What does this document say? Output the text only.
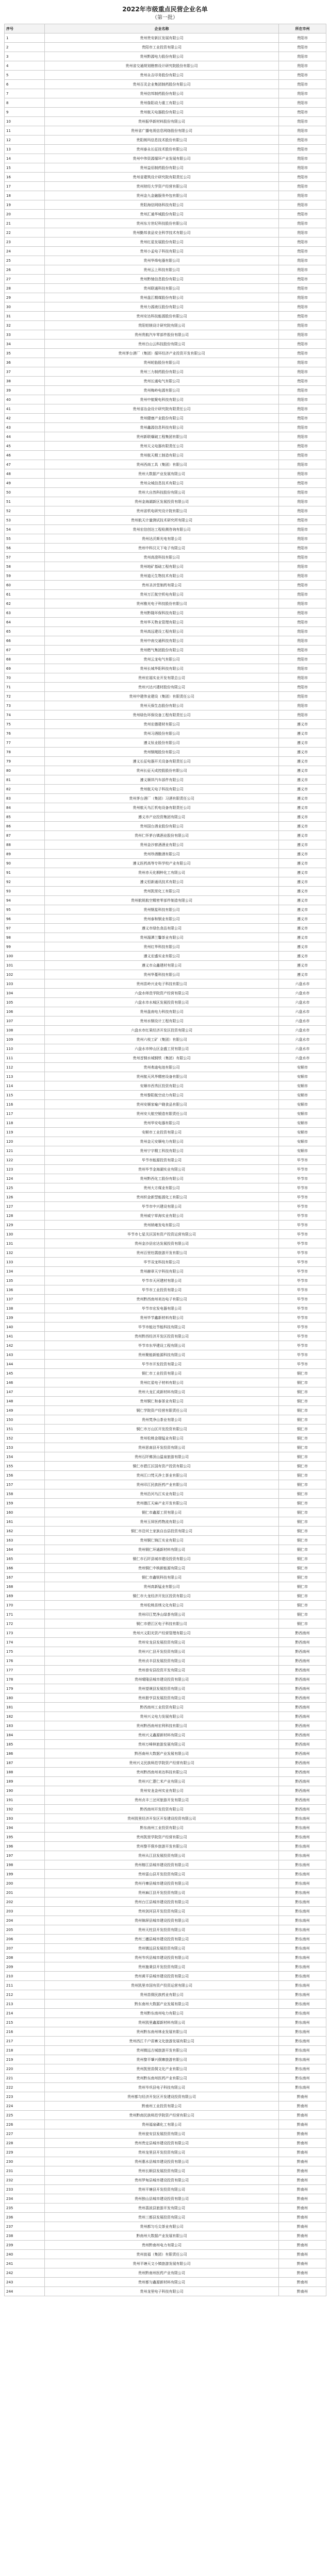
2022年市级重点民营企业名单
（第一批）
序号	企业名称	所在市州
1	贵州贵安新区发展有限公司	贵阳市
2	贵阳市工业投资有限公司	贵阳市
3	贵州黔源电力股份有限公司	贵阳市
4	贵州省交通规划勘察设计研究院股份有限公司	贵阳市
5	贵州永吉印务股份有限公司	贵阳市
6	贵州百灵企业集团制药股份有限公司	贵阳市
7	贵州信邦制药股份有限公司	贵阳市
8	贵州詹阳动力重工有限公司	贵阳市
9	贵州航天电器股份有限公司	贵阳市
10	贵州振华新材料股份有限公司	贵阳市
11	贵州省广播电视信息网络股份有限公司	贵阳市
12	贵阳朗玛信息技术股份有限公司	贵阳市
13	贵州泰永长征技术股份有限公司	贵阳市
14	贵州中伟资源循环产业发展有限公司	贵阳市
15	贵州益佰制药股份有限公司	贵阳市
16	贵州省建筑设计研究院有限责任公司	贵阳市
17	贵州财经大学资产经营有限公司	贵阳市
18	贵州金九金融服务外包有限公司	贵阳市
19	贵阳海信网络科技有限公司	贵阳市
20	贵州汇通华城股份有限公司	贵阳市
21	贵州东方世纪科技股份有限公司	贵阳市
22	贵州勤邦食品安全科学技术有限公司	贵阳市
23	贵州红星发展股份有限公司	贵阳市
24	贵州小孟电子科技有限公司	贵阳市
25	贵州华烽电器有限公司	贵阳市
26	贵州云上科技有限公司	贵阳市
27	贵州黔驰信息股份有限公司	贵阳市
28	贵州联通科技有限公司	贵阳市
29	贵州盘江精煤股份有限公司	贵阳市
30	贵州力源液压股份有限公司	贵阳市
31	贵州安达科技能源股份有限公司	贵阳市
32	贵阳铝镁设计研究院有限公司	贵阳市
33	贵州贵航汽车零部件股份有限公司	贵阳市
34	贵州白山云科技股份有限公司	贵阳市
35	贵州茅台酒厂（集团）循环经济产业投资开发有限公司	贵阳市
36	贵州轮胎股份有限公司	贵阳市
37	贵州三力制药股份有限公司	贵阳市
38	贵州长通电气有限公司	贵阳市
39	贵州梅岭电源有限公司	贵阳市
40	贵州中航聚电科技有限公司	贵阳市
41	贵州省冶金设计研究院有限责任公司	贵阳市
42	贵州健康产业股份有限公司	贵阳市
43	贵州鑫源信息科技有限公司	贵阳市
44	贵州新联爆破工程集团有限公司	贵阳市
45	贵州天义电器有限责任公司	贵阳市
46	贵州航天精工制造有限公司	贵阳市
47	贵州西南工具（集团）有限公司	贵阳市
48	贵州大数据产业发展有限公司	贵阳市
49	贵州众城信息技术有限公司	贵阳市
50	贵州大自然科技股份有限公司	贵阳市
51	贵州金海湖新区发展投资有限公司	贵阳市
52	贵州省机电研究设计院有限公司	贵阳市
53	贵州航天计量测试技术研究所有限公司	贵阳市
54	贵州宏信创达工程检测咨询有限公司	贵阳市
55	贵州达沃斯光电有限公司	贵阳市
56	贵州中科汉天下电子有限公司	贵阳市
57	贵州高澄科技有限公司	贵阳市
58	贵州地矿基础工程有限公司	贵阳市
59	贵州道元生物技术有限公司	贵阳市
60	贵州圣济堂制药有限公司	贵阳市
61	贵州万江航空机电有限公司	贵阳市
62	贵州雅光电子科技股份有限公司	贵阳市
63	贵州黔隆环保科技有限公司	贵阳市
64	贵州华天物业管理有限公司	贵阳市
65	贵州高远建设工程有限公司	贵阳市
66	贵州中南交通科技有限公司	贵阳市
67	贵州燃气集团股份有限公司	贵阳市
68	贵州云龙电气有限公司	贵阳市
69	贵州长城华阳科技有限公司	贵阳市
70	贵州宏福实业开发有限总公司	贵阳市
71	贵州兴达兴建材股份有限公司	贵阳市
72	贵州中建伟业建设（集团）有限责任公司	贵阳市
73	贵州天保生态股份有限公司	贵阳市
74	贵州绿色环保设备工程有限责任公司	贵阳市
75	贵州宏德建材有限公司	遵义市
76	贵州习酒股份有限公司	遵义市
77	遵义钛业股份有限公司	遵义市
78	贵州钢绳股份有限公司	遵义市
79	遵义长征电器开关设备有限责任公司	遵义市
80	贵州长征天成控股股份有限公司	遵义市
81	遵义顺祥汽车部件有限公司	遵义市
82	贵州航天电子科技有限公司	遵义市
83	贵州茅台酒厂（集团）习酒有限责任公司	遵义市
84	贵州航天乌江机电设备有限责任公司	遵义市
85	遵义市产业投资集团有限公司	遵义市
86	贵州国台酒业股份有限公司	遵义市
87	贵州仁怀茅台镇酒业股份有限公司	遵义市
88	贵州金沙窖酒酒业有限公司	遵义市
89	贵州珍酒酿酒有限公司	遵义市
90	遵义医药高等专科学校产业有限公司	遵义市
91	贵州赤天化桐梓化工有限公司	遵义市
92	遵义恒新通讯技术有限公司	遵义市
93	贵州凯里化工有限公司	遵义市
94	贵州航锐航空精密零部件制造有限公司	遵义市
95	贵州钢星科技有限公司	遵义市
96	贵州泰和钢业有限公司	遵义市
97	遵义市绿色食品有限公司	遵义市
98	贵州湄潭兰馨茶业有限公司	遵义市
99	贵州红华科技有限公司	遵义市
100	遵义宏盛实业有限公司	遵义市
101	遵义市众鑫建材有限公司	遵义市
102	贵州华蔓科技有限公司	遵义市
103	贵州苗岭兴业电子科技有限公司	六盘水市
104	六盘水师范学院资产经营有限公司	六盘水市
105	六盘水市水城区发展投资有限公司	六盘水市
106	贵州盘南电力科技有限公司	六盘水市
107	贵州水钢设计工程有限公司	六盘水市
108	六盘水市红果经济开发区投资有限公司	六盘水市
109	贵州六枝工矿（集团）有限公司	六盘水市
110	六盘水市钟山区金盛工贸有限公司	六盘水市
111	贵州首钢水城钢铁（集团）有限公司	六盘水市
112	贵州弗迪电池有限公司	安顺市
113	贵州航天风华精密设备有限公司	安顺市
114	安顺市西秀区投资有限公司	安顺市
115	贵州黎阳航空动力有限公司	安顺市
116	贵州安顺家喻户晓食品有限公司	安顺市
117	贵州安大航空锻造有限责任公司	安顺市
118	贵州华安电器有限公司	安顺市
119	安顺市工业投资有限公司	安顺市
120	贵州金元安顺电力有限公司	安顺市
121	贵州宁宇精工科技有限公司	安顺市
122	毕节市能源投资有限公司	毕节市
123	贵州毕节金海湖实业有限公司	毕节市
124	贵州黔西化工股份有限公司	毕节市
125	贵州大方煤业有限公司	毕节市
126	贵州织金新型能源化工有限公司	毕节市
127	毕节市中兴建设有限公司	毕节市
128	贵州威宁草海实业有限公司	毕节市
129	贵州纳雍发电有限公司	毕节市
130	毕节市七星关区国有资产投资运营有限公司	毕节市
131	贵州金沙县宏达发展投资有限公司	毕节市
132	贵州百里杜鹃旅游开发有限公司	毕节市
133	毕节双龙科技有限公司	毕节市
134	贵州赫章天宇科技有限公司	毕节市
135	毕节市天河建材有限公司	毕节市
136	毕节市工业投资有限公司	毕节市
137	贵州黔西南州美达电子有限公司	毕节市
138	毕节市宏发电器有限公司	毕节市
139	贵州毕节鑫新材料有限公司	毕节市
140	毕节市能达节能科技有限公司	毕节市
141	贵州黔西经济开发区投资有限公司	毕节市
142	毕节市东华建设工程有限公司	毕节市
143	贵州聚能新能源科技有限公司	毕节市
144	毕节市开发投资有限公司	毕节市
145	铜仁市工业投资有限公司	铜仁市
146	贵州红星电子材料有限公司	铜仁市
147	贵州大龙汇成新材料有限公司	铜仁市
148	贵州铜仁和泰茶业有限公司	铜仁市
149	铜仁学院资产经营有限责任公司	铜仁市
150	贵州梵净山茶业有限公司	铜仁市
151	铜仁市万山区开发投资有限公司	铜仁市
152	贵州松桃金瑞锰业有限公司	铜仁市
153	贵州思南县开发投资有限公司	铜仁市
154	贵州石阡佛顶山温泉旅游有限公司	铜仁市
155	铜仁市碧江区国有资产投资有限公司	铜仁市
156	贵州江口梵天净土茶业有限公司	铜仁市
157	贵州印江民族医药产业有限公司	铜仁市
158	贵州沿河乌江实业有限公司	铜仁市
159	贵州德江天麻产业开发有限公司	铜仁市
160	铜仁市鑫源工贸有限公司	铜仁市
161	贵州玉屏医药物流有限公司	铜仁市
162	铜仁市沿河土家族自治县投资有限公司	铜仁市
163	贵州铜仁锦江实业有限公司	铜仁市
164	贵州铜仁环通新材料有限公司	铜仁市
165	铜仁市石阡县城市建设投资有限公司	铜仁市
166	贵州铜仁中核新能源有限公司	铜仁市
167	铜仁市鑫锐科技有限公司	铜仁市
168	贵州高新锰业有限公司	铜仁市
169	铜仁市大龙经济开发区投资有限公司	铜仁市
170	贵州松桃苗绣文化有限公司	铜仁市
171	贵州印江梵净山绿茶有限公司	铜仁市
172	铜仁市碧江区电子科技有限公司	铜仁市
173	贵州兴义阳光资产经营管理有限公司	黔西南州
174	贵州安龙县发展投资有限公司	黔西南州
175	贵州兴仁县开发投资有限公司	黔西南州
176	贵州贞丰县发展投资有限公司	黔西南州
177	贵州普安县投资开发有限公司	黔西南州
178	贵州晴隆县城市建设投资有限公司	黔西南州
179	贵州望谟县发展投资有限公司	黔西南州
180	贵州册亨县发展投资有限公司	黔西南州
181	黔西南州工业投资有限公司	黔西南州
182	贵州兴义电力发展有限公司	黔西南州
183	贵州黔西南州宏利科技有限公司	黔西南州
184	贵州兴义鑫源新材料有限公司	黔西南州
185	贵州万峰林旅游发展有限公司	黔西南州
186	黔西南州大数据产业发展有限公司	黔西南州
187	贵州兴义民族师范学院资产经营有限公司	黔西南州
188	贵州黔西南州美达科技有限公司	黔西南州
189	贵州兴仁薏仁米产业有限公司	黔西南州
190	贵州安龙金州实业有限公司	黔西南州
191	贵州贞丰三岔河旅游开发有限公司	黔西南州
192	黔西南州开发投资有限公司	黔西南州
193	贵州凯里经济开发区开发建设投资有限公司	黔东南州
194	黔东南州工业投资有限公司	黔东南州
195	贵州凯里学院资产经营有限公司	黔东南州
196	贵州黎平侗乡旅游开发有限公司	黔东南州
197	贵州从江县发展投资有限公司	黔东南州
198	贵州榕江县城市建设投资有限公司	黔东南州
199	贵州雷山县开发投资有限公司	黔东南州
200	贵州丹寨县城市建设投资有限公司	黔东南州
201	贵州麻江县开发投资有限公司	黔东南州
202	贵州台江县城市建设投资有限公司	黔东南州
203	贵州剑河县开发投资有限公司	黔东南州
204	贵州锦屏县城市建设投资有限公司	黔东南州
205	贵州天柱县开发投资有限公司	黔东南州
206	贵州三穗县城市建设投资有限公司	黔东南州
207	贵州镇远县发展投资有限公司	黔东南州
208	贵州岑巩县城市建设投资有限公司	黔东南州
209	贵州施秉县开发投资有限公司	黔东南州
210	贵州黄平县城市建设投资有限公司	黔东南州
211	贵州凯里市国有资产投资运营有限公司	黔东南州
212	贵州苗侗民族药业有限公司	黔东南州
213	黔东南州大数据产业发展有限公司	黔东南州
214	贵州黔东南州电力有限公司	黔东南州
215	贵州凯里鑫源新材料有限公司	黔东南州
216	贵州黔东南州林业发展有限公司	黔东南州
217	贵州西江千户苗寨文化旅游发展有限公司	黔东南州
218	贵州镇远古城旅游开发有限公司	黔东南州
219	贵州黎平肇兴侗寨旅游有限公司	黔东南州
220	贵州凯里苗侗文化产业有限公司	黔东南州
221	贵州黔东南州医药产业有限公司	黔东南州
222	贵州岑巩县电子科技有限公司	黔东南州
223	贵州都匀经济开发区开发建设投资有限公司	黔南州
224	黔南州工业投资有限公司	黔南州
225	贵州黔南民族师范学院资产经营有限公司	黔南州
226	贵州福泉磷化工有限公司	黔南州
227	贵州瓮安县发展投资有限公司	黔南州
228	贵州贵定县城市建设投资有限公司	黔南州
229	贵州龙里县开发投资有限公司	黔南州
230	贵州惠水县城市建设投资有限公司	黔南州
231	贵州长顺县发展投资有限公司	黔南州
232	贵州罗甸县城市建设投资有限公司	黔南州
233	贵州平塘县开发投资有限公司	黔南州
234	贵州独山县城市建设投资有限公司	黔南州
235	贵州荔波县旅游开发有限公司	黔南州
236	贵州三都县发展投资有限公司	黔南州
237	贵州都匀毛尖茶业有限公司	黔南州
238	黔南州大数据产业发展有限公司	黔南州
239	贵州黔南州电力有限公司	黔南州
240	贵州瓮福（集团）有限责任公司	黔南州
241	贵州平塘天文小镇旅游发展有限公司	黔南州
242	贵州黔南州医药产业有限公司	黔南州
243	贵州都匀鑫源新材料有限公司	黔南州
244	贵州龙里电子科技有限公司	黔南州
